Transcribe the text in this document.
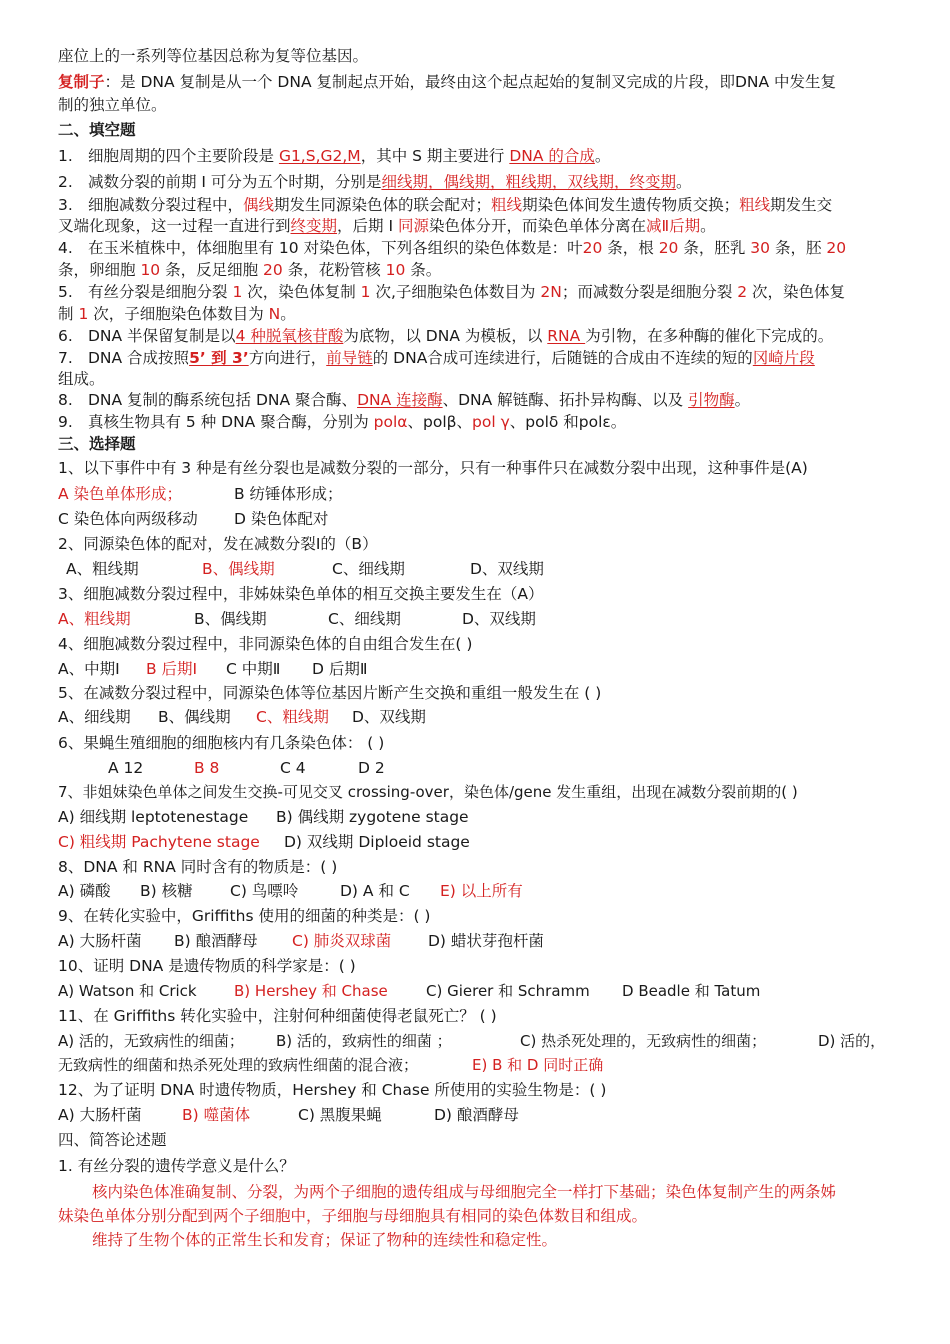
座位上的一系列等位基因总称为复等位基因。
复制子：是 DNA 复制是从一个 DNA 复制起点开始，最终由这个起点起始的复制叉完成的片段，即DNA 中发生复
制的独立单位。
二、填空题
1. 细胞周期的四个主要阶段是 G1,S,G2,M，其中 S 期主要进行 DNA 的合成。
2. 减数分裂的前期 I 可分为五个时期，分别是细线期，偶线期，粗线期，双线期，终变期。
3. 细胞减数分裂过程中，偶线期发生同源染色体的联会配对；粗线期染色体间发生遗传物质交换；粗线期发生交
叉端化现象，这一过程一直进行到终变期，后期 I 同源染色体分开，而染色单体分离在减Ⅱ后期。
4. 在玉米植株中，体细胞里有 10 对染色体，下列各组织的染色体数是：叶20 条，根 20 条，胚乳 30 条，胚 20
条，卵细胞 10 条，反足细胞 20 条，花粉管核 10 条。
5. 有丝分裂是细胞分裂 1 次，染色体复制 1 次,子细胞染色体数目为 2N；而减数分裂是细胞分裂 2 次，染色体复
制 1 次，子细胞染色体数目为 N。
6. DNA 半保留复制是以4 种脱氧核苷酸为底物，以 DNA 为模板，以 RNA 为引物，在多种酶的催化下完成的。
7. DNA 合成按照5’ 到 3’方向进行，前导链的 DNA合成可连续进行，后随链的合成由不连续的短的冈崎片段
组成。
8. DNA 复制的酶系统包括 DNA 聚合酶、DNA 连接酶、DNA 解链酶、拓扑异构酶、以及 引物酶。
9. 真核生物具有 5 种 DNA 聚合酶，分别为 polα、polβ、pol γ、polδ 和polε。
三、选择题
1、以下事件中有 3 种是有丝分裂也是减数分裂的一部分，只有一种事件只在减数分裂中出现，这种事件是(A)
A 染色单体形成；	B 纺锤体形成；
C 染色体向两级移动 D 染色体配对
2、同源染色体的配对，发在减数分裂Ⅰ的（B）
A、粗线期	B、偶线期	C、细线期	D、双线期
3、细胞减数分裂过程中，非姊妹染色单体的相互交换主要发生在（A）
A、粗线期	B、偶线期	C、细线期	D、双线期
4、细胞减数分裂过程中，非同源染色体的自由组合发生在( )
A、中期Ⅰ B 后期Ⅰ C 中期Ⅱ D 后期Ⅱ
5、在减数分裂过程中，同源染色体等位基因片断产生交换和重组一般发生在 ( )
A、细线期 B、偶线期 C、粗线期 D、双线期
6、果蝇生殖细胞的细胞核内有几条染色体： ( )
A 12	B 8	C 4	D 2
7、非姐妹染色单体之间发生交换-可见交叉 crossing-over，染色体/gene 发生重组，出现在减数分裂前期的( )
A) 细线期 leptotenestage B) 偶线期 zygotene stage
C) 粗线期 Pachytene stage D) 双线期 Diploeid stage
8、DNA 和 RNA 同时含有的物质是：( )
A) 磷酸 B) 核糖 C) 鸟嘌呤	D) A 和 C E) 以上所有
9、在转化实验中，Griffiths 使用的细菌的种类是：( )
A) 大肠杆菌 B) 酿酒酵母 C) 肺炎双球菌 D) 蜡状芽孢杆菌
10、证明 DNA 是遗传物质的科学家是：( )
A) Watson 和 Crick B) Hershey 和 Chase	C) Gierer 和 Schramm D Beadle 和 Tatum
11、在 Griffiths 转化实验中，注射何种细菌使得老鼠死亡？ ( )
A) 活的，无致病性的细菌； B) 活的，致病性的细菌 ；	C) 热杀死处理的，无致病性的细菌；	D) 活的，
无致病性的细菌和热杀死处理的致病性细菌的混合液；	E) B 和 D 同时正确
12、为了证明 DNA 时遗传物质，Hershey 和 Chase 所使用的实验生物是：( )
A) 大肠杆菌	B) 噬菌体	C) 黑腹果蝇	D) 酿酒酵母
四、简答论述题
1. 有丝分裂的遗传学意义是什么？
核内染色体准确复制、分裂，为两个子细胞的遗传组成与母细胞完全一样打下基础；染色体复制产生的两条姊
妹染色单体分别分配到两个子细胞中，子细胞与母细胞具有相同的染色体数目和组成。
维持了生物个体的正常生长和发育；保证了物种的连续性和稳定性。
